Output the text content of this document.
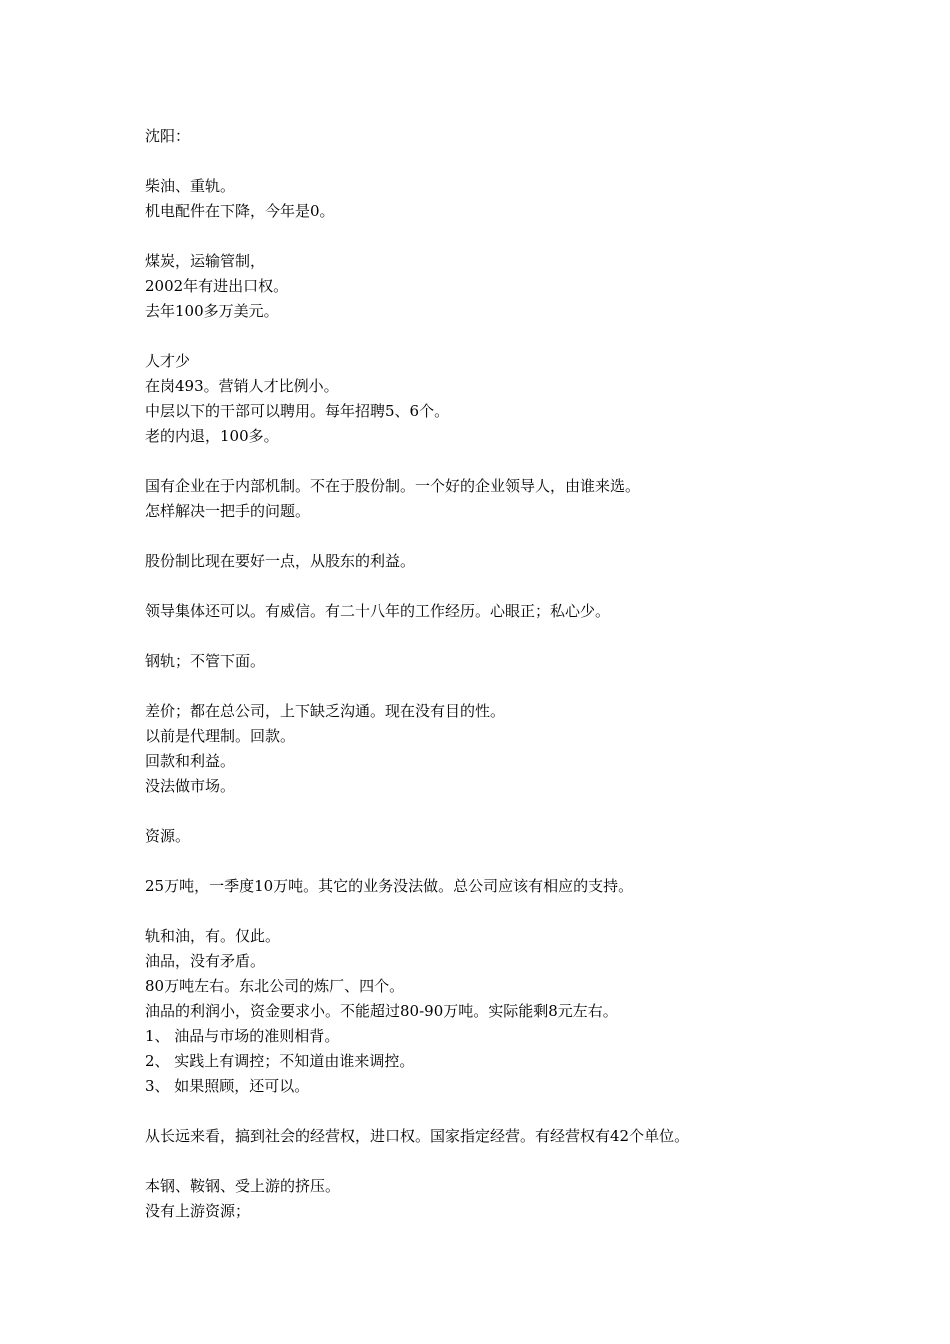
沈阳：
柴油、重轨。
机电配件在下降，今年是0。
煤炭，运输管制，
2002年有进出口权。
去年100多万美元。
人才少
在岗493。营销人才比例小。
中层以下的干部可以聘用。每年招聘5、6个。
老的内退，100多。
国有企业在于内部机制。不在于股份制。一个好的企业领导人，由谁来选。
怎样解决一把手的问题。
股份制比现在要好一点，从股东的利益。
领导集体还可以。有威信。有二十八年的工作经历。心眼正；私心少。
钢轨；不管下面。
差价；都在总公司，上下缺乏沟通。现在没有目的性。
以前是代理制。回款。
回款和利益。
没法做市场。
资源。
25万吨，一季度10万吨。其它的业务没法做。总公司应该有相应的支持。
轨和油，有。仅此。
油品，没有矛盾。
80万吨左右。东北公司的炼厂、四个。
油品的利润小，资金要求小。不能超过80-90万吨。实际能剩8元左右。
1、 油品与市场的准则相背。
2、 实践上有调控；不知道由谁来调控。
3、 如果照顾，还可以。
从长远来看，搞到社会的经营权，进口权。国家指定经营。有经营权有42个单位。
本钢、鞍钢、受上游的挤压。
没有上游资源；
